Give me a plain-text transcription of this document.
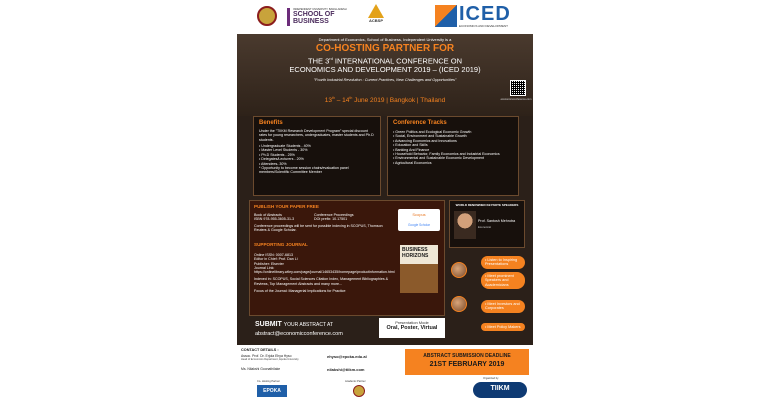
INDEPENDENT UNIVERSITY, BANGLADESH
SCHOOL OF BUSINESS	ACBSP	ICED
ECONOMICS AND DEVELOPMENT
Department of Economics, School of Business, Independent University is a
CO-HOSTING PARTNER FOR
THE 3rd INTERNATIONAL CONFERENCE ON
ECONOMICS AND DEVELOPMENT 2019 – (ICED 2019)
"Fourth Industrial Revolution : Current Practices, New Challenges and Opportunities"
13th – 14th June 2019 | Bangkok | Thailand	economicsconference.com
Benefits
Under the "TIIKM Research Development Program" special discount rates for young researchers, undergraduates, master students and Ph.D students.
• Undergraduate Students - 40%
• Master Level Students - 30%
• Ph.D Students - 25%
• Delegates/Lecturers - 20%
• Attendees- 30%
* Opportunity to become session chairs/evaluation panel members/Scientific Committee Member
Conference Tracks
• Green Politics and Ecological Economic Growth
• Social, Environment and Sustainable Growth
• Advancing Economics and Innovations
• Education and Skills
• Banking And Finance
• Household Behavior, Family Economics and Industrial Economics
• Environmental and Sustainable Economic Development
• Agricultural Economics
PUBLISH YOUR PAPER FREE
Book of Abstracts
ISBN 978-955-3605-31-3
Conference Proceedings
DOI prefix: 10.17501
Conference proceedings will be sent for possible indexing in SCOPUS, Thomson Reuters & Google Scholar.
Scopus
Google Scholar
SUPPORTING JOURNAL
Online ISSN: 0007-6813
Editor in Chief: Prof. Dan Li
Publisher: Elsevier
Journal Link: https://onlinelibrary.wiley.com/page/journal/14653435/homepage/productinformation.html
Indexed in: SCOPUS, Social Sciences Citation Index, Management Bibliographies & Reviews, Top Management Abstracts and many more...
Focus of the Journal: Managerial Implications for Practice
BUSINESS
HORIZONS
WORLD RENOWNED KEYNOTE SPEAKERS
Prof. Santosh Mehrotra
Economist
• Listen to Inspiring Presentations
• Meet prominent Speakers and Academicians
• Meet Investors and Corporates
• Meet Policy Makers
SUBMIT YOUR ABSTRACT AT
abstract@economicconference.com
Presentation Mode
Oral, Poster, Virtual
CONTACT DETAILS :
Assoc. Prof. Dr. Erjola Ehya Hyso
Head of Economics Department, Epoka University
Ms. Nilakshi Goonathilake
ehyso@epoka.edu.al
nilakshi@tiikm.com
ABSTRACT SUBMISSION DEADLINE
21ST FEBRUARY 2019
Co- Hosting Partner
EPOKA
Academic Partner
Organized by
TIIKM
